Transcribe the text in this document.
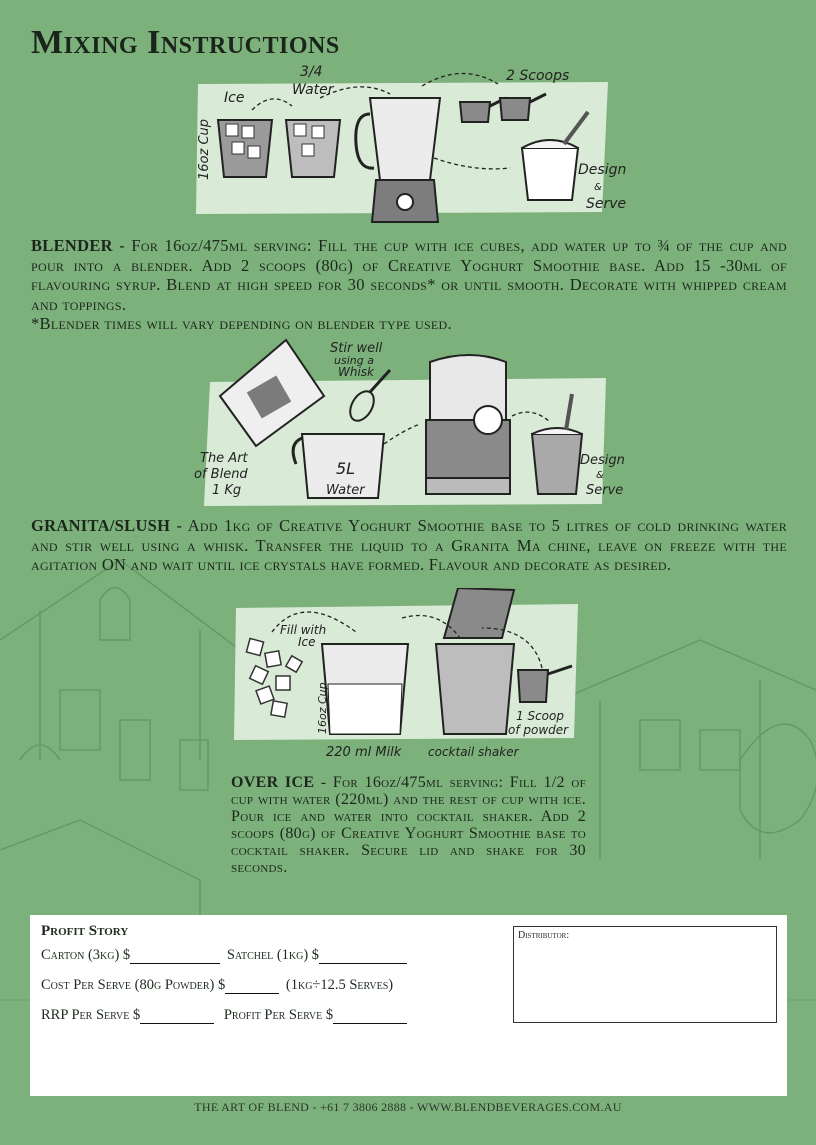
Mixing Instructions
Ice
3/4
Water
2 Scoops
Design
&
Serve
16oz Cup
BLENDER - For 16oz/475ml serving: Fill the cup with ice cubes, add water up to ¾ of the cup and pour into a blender. Add 2 scoops (80g) of Creative Yoghurt Smoothie base. Add 15 -30ml of flavouring syrup. Blend at high speed for 30 seconds* or until smooth. Decorate with whipped cream and toppings.
*Blender times will vary depending on blender type used.
Stir well
using a
Whisk
The Art
of Blend
1 Kg
5L
Water
Design
&
Serve
GRANITA/SLUSH - Add 1kg of Creative Yoghurt Smoothie base to 5 litres of cold drinking water and stir well using a whisk. Transfer the liquid to a Granita Ma chine, leave on freeze with the agitation ON and wait until ice crystals have formed. Flavour and decorate as desired.
Fill with
Ice
16oz Cup
220 ml Milk cocktail shaker
1 Scoop
of powder
OVER ICE - For 16oz/475ml serving: Fill 1/2 of cup with water (220ml) and the rest of cup with ice. Pour ice and water into cocktail shaker. Add 2 scoops (80g) of Creative Yoghurt Smoothie base to cocktail shaker. Secure lid and shake for 30 seconds.
Profit Story
Carton (3kg) $	Satchel (1kg) $
Cost Per Serve (80g Powder) $	(1kg÷12.5 Serves)
RRP Per Serve $	Profit Per Serve $
Distributor:
THE ART OF BLEND - +61 7 3806 2888 - WWW.BLENDBEVERAGES.COM.AU
